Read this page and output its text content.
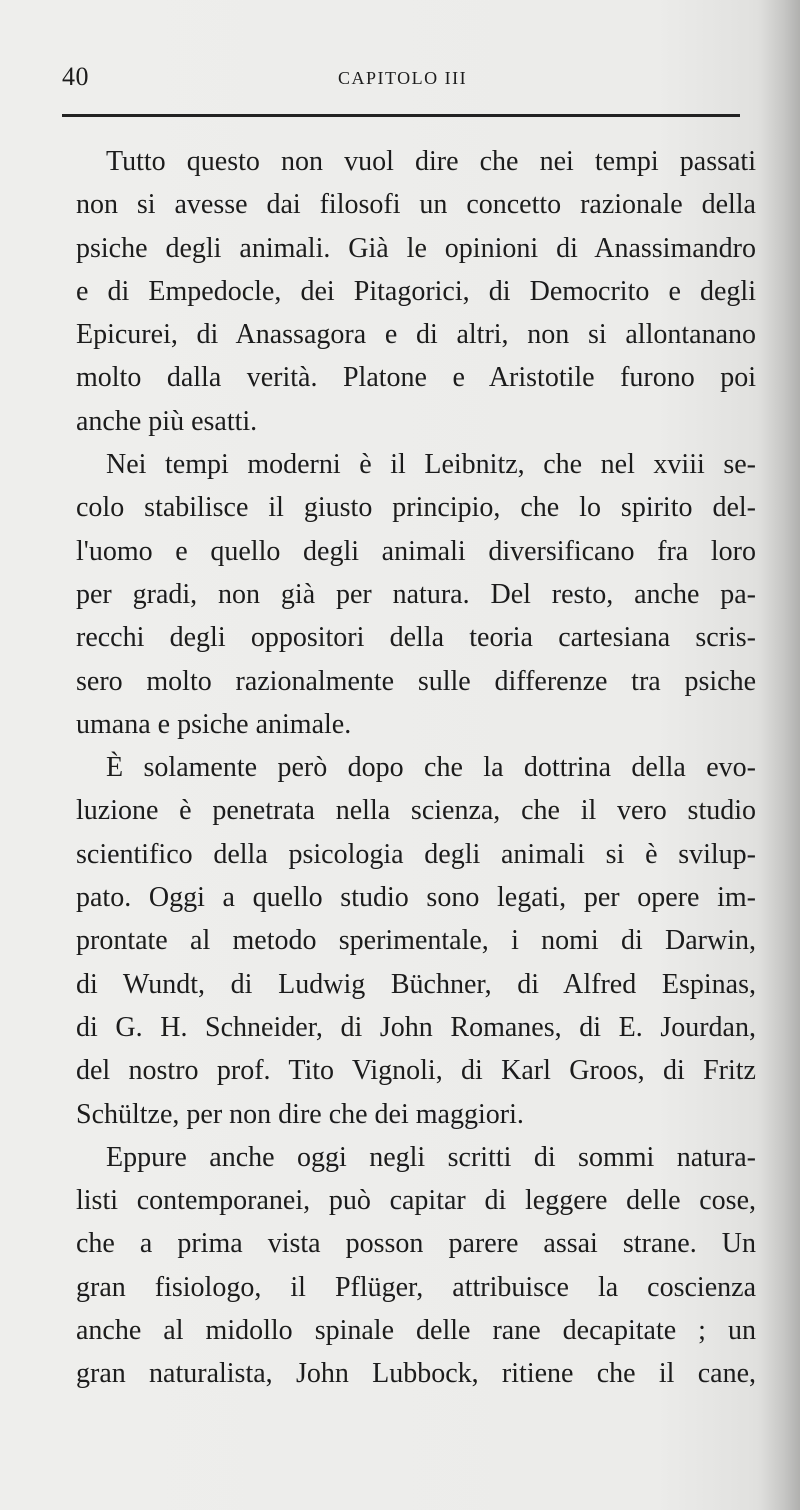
40	CAPITOLO III
Tutto questo non vuol dire che nei tempi passati
non si avesse dai filosofi un concetto razionale della
psiche degli animali. Già le opinioni di Anassimandro
e di Empedocle, dei Pitagorici, di Democrito e degli
Epicurei, di Anassagora e di altri, non si allontanano
molto dalla verità. Platone e Aristotile furono poi
anche più esatti.
Nei tempi moderni è il Leibnitz, che nel xviii se-
colo stabilisce il giusto principio, che lo spirito del-
l'uomo e quello degli animali diversificano fra loro
per gradi, non già per natura. Del resto, anche pa-
recchi degli oppositori della teoria cartesiana scris-
sero molto razionalmente sulle differenze tra psiche
umana e psiche animale.
È solamente però dopo che la dottrina della evo-
luzione è penetrata nella scienza, che il vero studio
scientifico della psicologia degli animali si è svilup-
pato. Oggi a quello studio sono legati, per opere im-
prontate al metodo sperimentale, i nomi di Darwin,
di Wundt, di Ludwig Büchner, di Alfred Espinas,
di G. H. Schneider, di John Romanes, di E. Jourdan,
del nostro prof. Tito Vignoli, di Karl Groos, di Fritz
Schültze, per non dire che dei maggiori.
Eppure anche oggi negli scritti di sommi natura-
listi contemporanei, può capitar di leggere delle cose,
che a prima vista posson parere assai strane. Un
gran fisiologo, il Pflüger, attribuisce la coscienza
anche al midollo spinale delle rane decapitate ; un
gran naturalista, John Lubbock, ritiene che il cane,
